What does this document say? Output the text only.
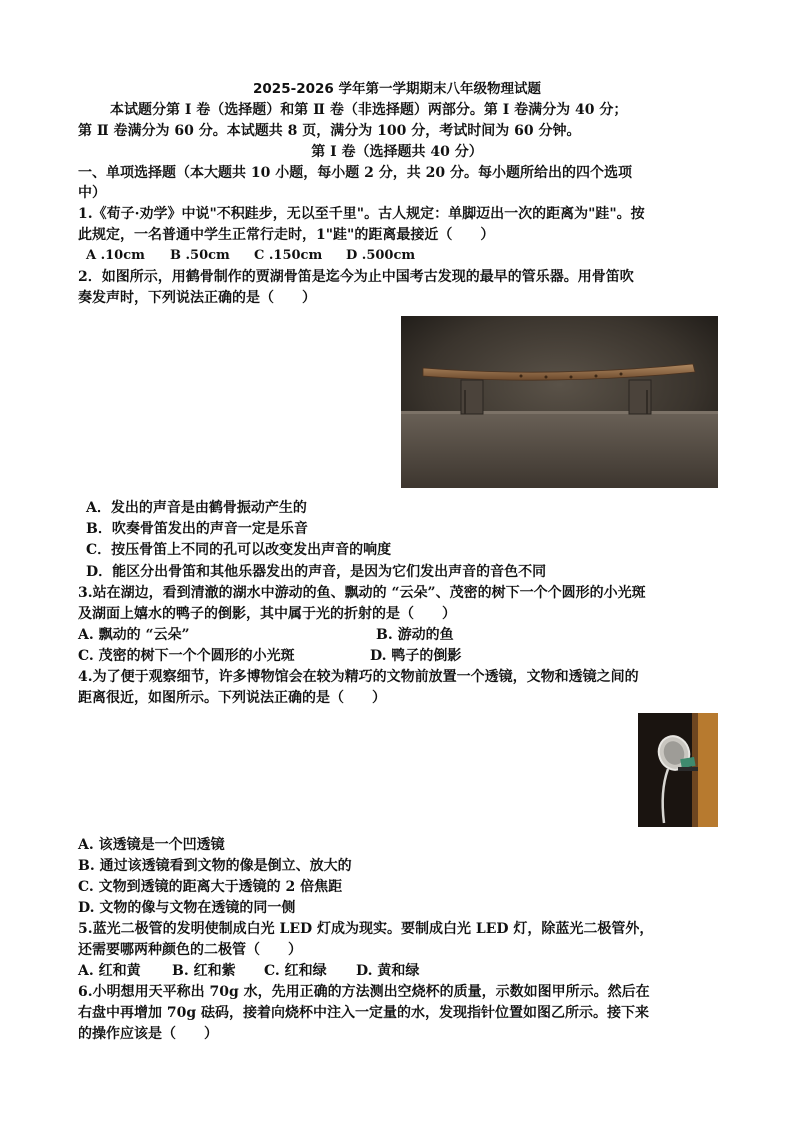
2025-2026 学年第一学期期末八年级物理试题
本试题分第 Ⅰ 卷（选择题）和第 Ⅱ 卷（非选择题）两部分。第 Ⅰ 卷满分为 40 分；
第 Ⅱ 卷满分为 60 分。本试题共 8 页，满分为 100 分，考试时间为 60 分钟。
第 Ⅰ 卷（选择题共 40 分）
一、单项选择题（本大题共 10 小题，每小题 2 分，共 20 分。每小题所给出的四个选项
中）
1.《荀子·劝学》中说"不积跬步，无以至千里"。古人规定：单脚迈出一次的距离为"跬"。按
此规定，一名普通中学生正常行走时，1"跬"的距离最接近（　　）
A .10cm B .50cm C .150cm D .500cm
2．如图所示，用鹤骨制作的贾湖骨笛是迄今为止中国考古发现的最早的管乐器。用骨笛吹
奏发声时，下列说法正确的是（　　）
A．发出的声音是由鹤骨振动产生的
B．吹奏骨笛发出的声音一定是乐音
C．按压骨笛上不同的孔可以改变发出声音的响度
D．能区分出骨笛和其他乐器发出的声音，是因为它们发出声音的音色不同
3.站在湖边，看到清澈的湖水中游动的鱼、飘动的 “云朵”、茂密的树下一个个圆形的小光斑
及湖面上嬉水的鸭子的倒影，其中属于光的折射的是（　　）
A. 飘动的 “云朵”	B. 游动的鱼
C. 茂密的树下一个个圆形的小光斑	D. 鸭子的倒影
4.为了便于观察细节，许多博物馆会在较为精巧的文物前放置一个透镜，文物和透镜之间的
距离很近，如图所示。下列说法正确的是（　　）
A. 该透镜是一个凹透镜
B. 通过该透镜看到文物的像是倒立、放大的
C. 文物到透镜的距离大于透镜的 2 倍焦距
D. 文物的像与文物在透镜的同一侧
5.蓝光二极管的发明使制成白光 LED 灯成为现实。要制成白光 LED 灯，除蓝光二极管外，
还需要哪两种颜色的二极管（　　）
A. 红和黄 B. 红和紫 C. 红和绿 D. 黄和绿
6.小明想用天平称出 70g 水，先用正确的方法测出空烧杯的质量，示数如图甲所示。然后在
右盘中再增加 70g 砝码，接着向烧杯中注入一定量的水，发现指针位置如图乙所示。接下来
的操作应该是（　　）
